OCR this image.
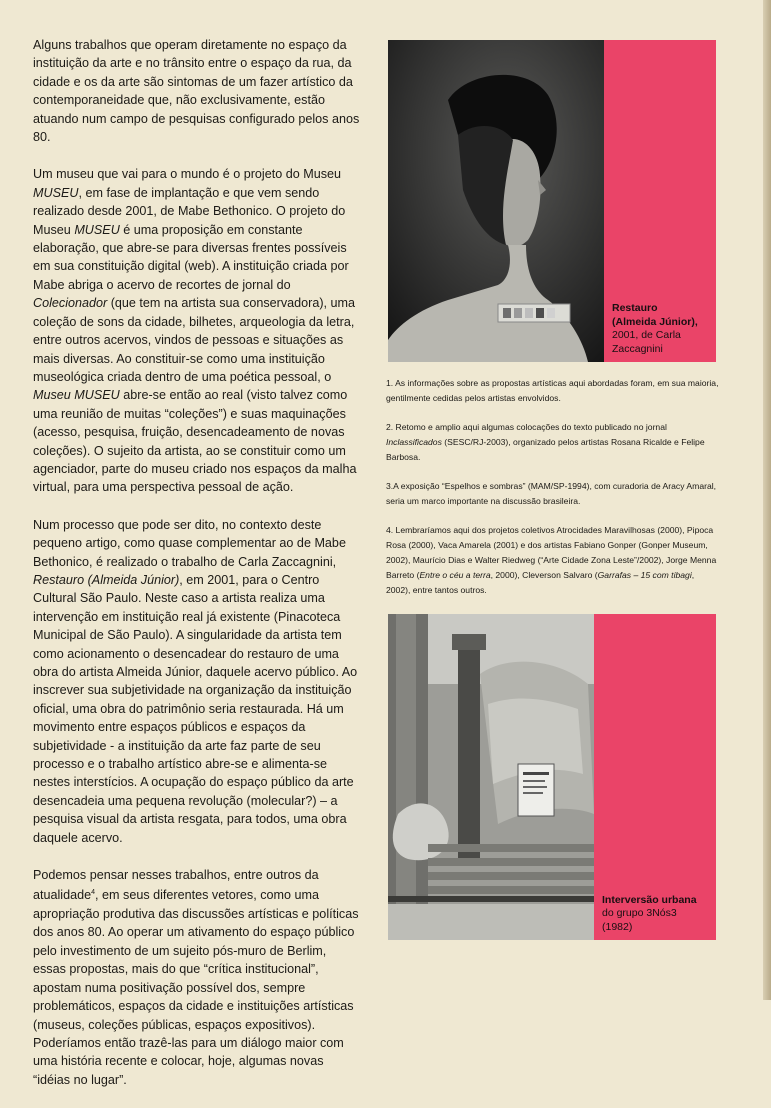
Alguns trabalhos que operam diretamente no espaço da instituição da arte e no trânsito entre o espaço da rua, da cidade e os da arte são sintomas de um fazer artístico da contemporaneidade que, não exclusivamente, estão atuando num campo de pesquisas configurado pelos anos 80.

Um museu que vai para o mundo é o projeto do Museu MUSEU, em fase de implantação e que vem sendo realizado desde 2001, de Mabe Bethonico. O projeto do Museu MUSEU é uma proposição em constante elaboração, que abre-se para diversas frentes possíveis em sua constituição digital (web). A instituição criada por Mabe abriga o acervo de recortes de jornal do Colecionador (que tem na artista sua conservadora), uma coleção de sons da cidade, bilhetes, arqueologia da letra, entre outros acervos, vindos de pessoas e situações as mais diversas. Ao constituir-se como uma instituição museológica criada dentro de uma poética pessoal, o Museu MUSEU abre-se então ao real (visto talvez como uma reunião de muitas “coleções”) e suas maquinações (acesso, pesquisa, fruição, desencadeamento de novas coleções). O sujeito da artista, ao se constituir como um agenciador, parte do museu criado nos espaços da malha virtual, para uma perspectiva pessoal de ação.

Num processo que pode ser dito, no contexto deste pequeno artigo, como quase complementar ao de Mabe Bethonico, é realizado o trabalho de Carla Zaccagnini, Restauro (Almeida Júnior), em 2001, para o Centro Cultural São Paulo. Neste caso a artista realiza uma intervenção em instituição real já existente (Pinacoteca Municipal de São Paulo). A singularidade da artista tem como acionamento o desencadear do restauro de uma obra do artista Almeida Júnior, daquele acervo público. Ao inscrever sua subjetividade na organização da instituição oficial, uma obra do patrimônio seria restaurada. Há um movimento entre espaços públicos e espaços da subjetividade - a instituição da arte faz parte de seu processo e o trabalho artístico abre-se e alimenta-se nestes interstícios. A ocupação do espaço público da arte desencadeia uma pequena revolução (molecular?) – a pesquisa visual da artista resgata, para todos, uma obra daquele acervo.

Podemos pensar nesses trabalhos, entre outros da atualidade$^4$, em seus diferentes vetores, como uma apropriação produtiva das discussões artísticas e políticas dos anos 80. Ao operar um ativamento do espaço público pelo investimento de um sujeito pós-muro de Berlim, essas propostas, mais do que “crítica institucional”, apostam numa positivação possível dos, sempre problemáticos, espaços da cidade e instituições artísticas (museus, coleções públicas, espaços expositivos). Poderíamos então trazê-las para um diálogo maior com uma história recente e colocar, hoje, algumas novas “idéias no lugar”.

Restauro
(Almeida Júnior),
2001, de Carla
Zaccagnini

1. As informações sobre as propostas artísticas aqui abordadas foram, em sua maioria, gentilmente cedidas pelos artistas envolvidos.

2. Retomo e amplio aqui algumas colocações do texto publicado no jornal Inclassificados (SESC/RJ-2003), organizado pelos artistas Rosana Ricalde e Felipe Barbosa.

3.A exposição “Espelhos e sombras” (MAM/SP-1994), com curadoria de Aracy Amaral, seria um marco importante na discussão brasileira.

4. Lembraríamos aqui dos projetos coletivos Atrocidades Maravilhosas (2000), Pipoca Rosa (2000), Vaca Amarela (2001) e dos artistas Fabiano Gonper (Gonper Museum, 2002), Maurício Dias e Walter Riedweg (“Arte Cidade Zona Leste”/2002), Jorge Menna Barreto (Entre o céu a terra, 2000), Cleverson Salvaro (Garrafas – 15 com tibagi, 2002), entre tantos outros.

Interversão urbana
do grupo 3Nós3
(1982)
